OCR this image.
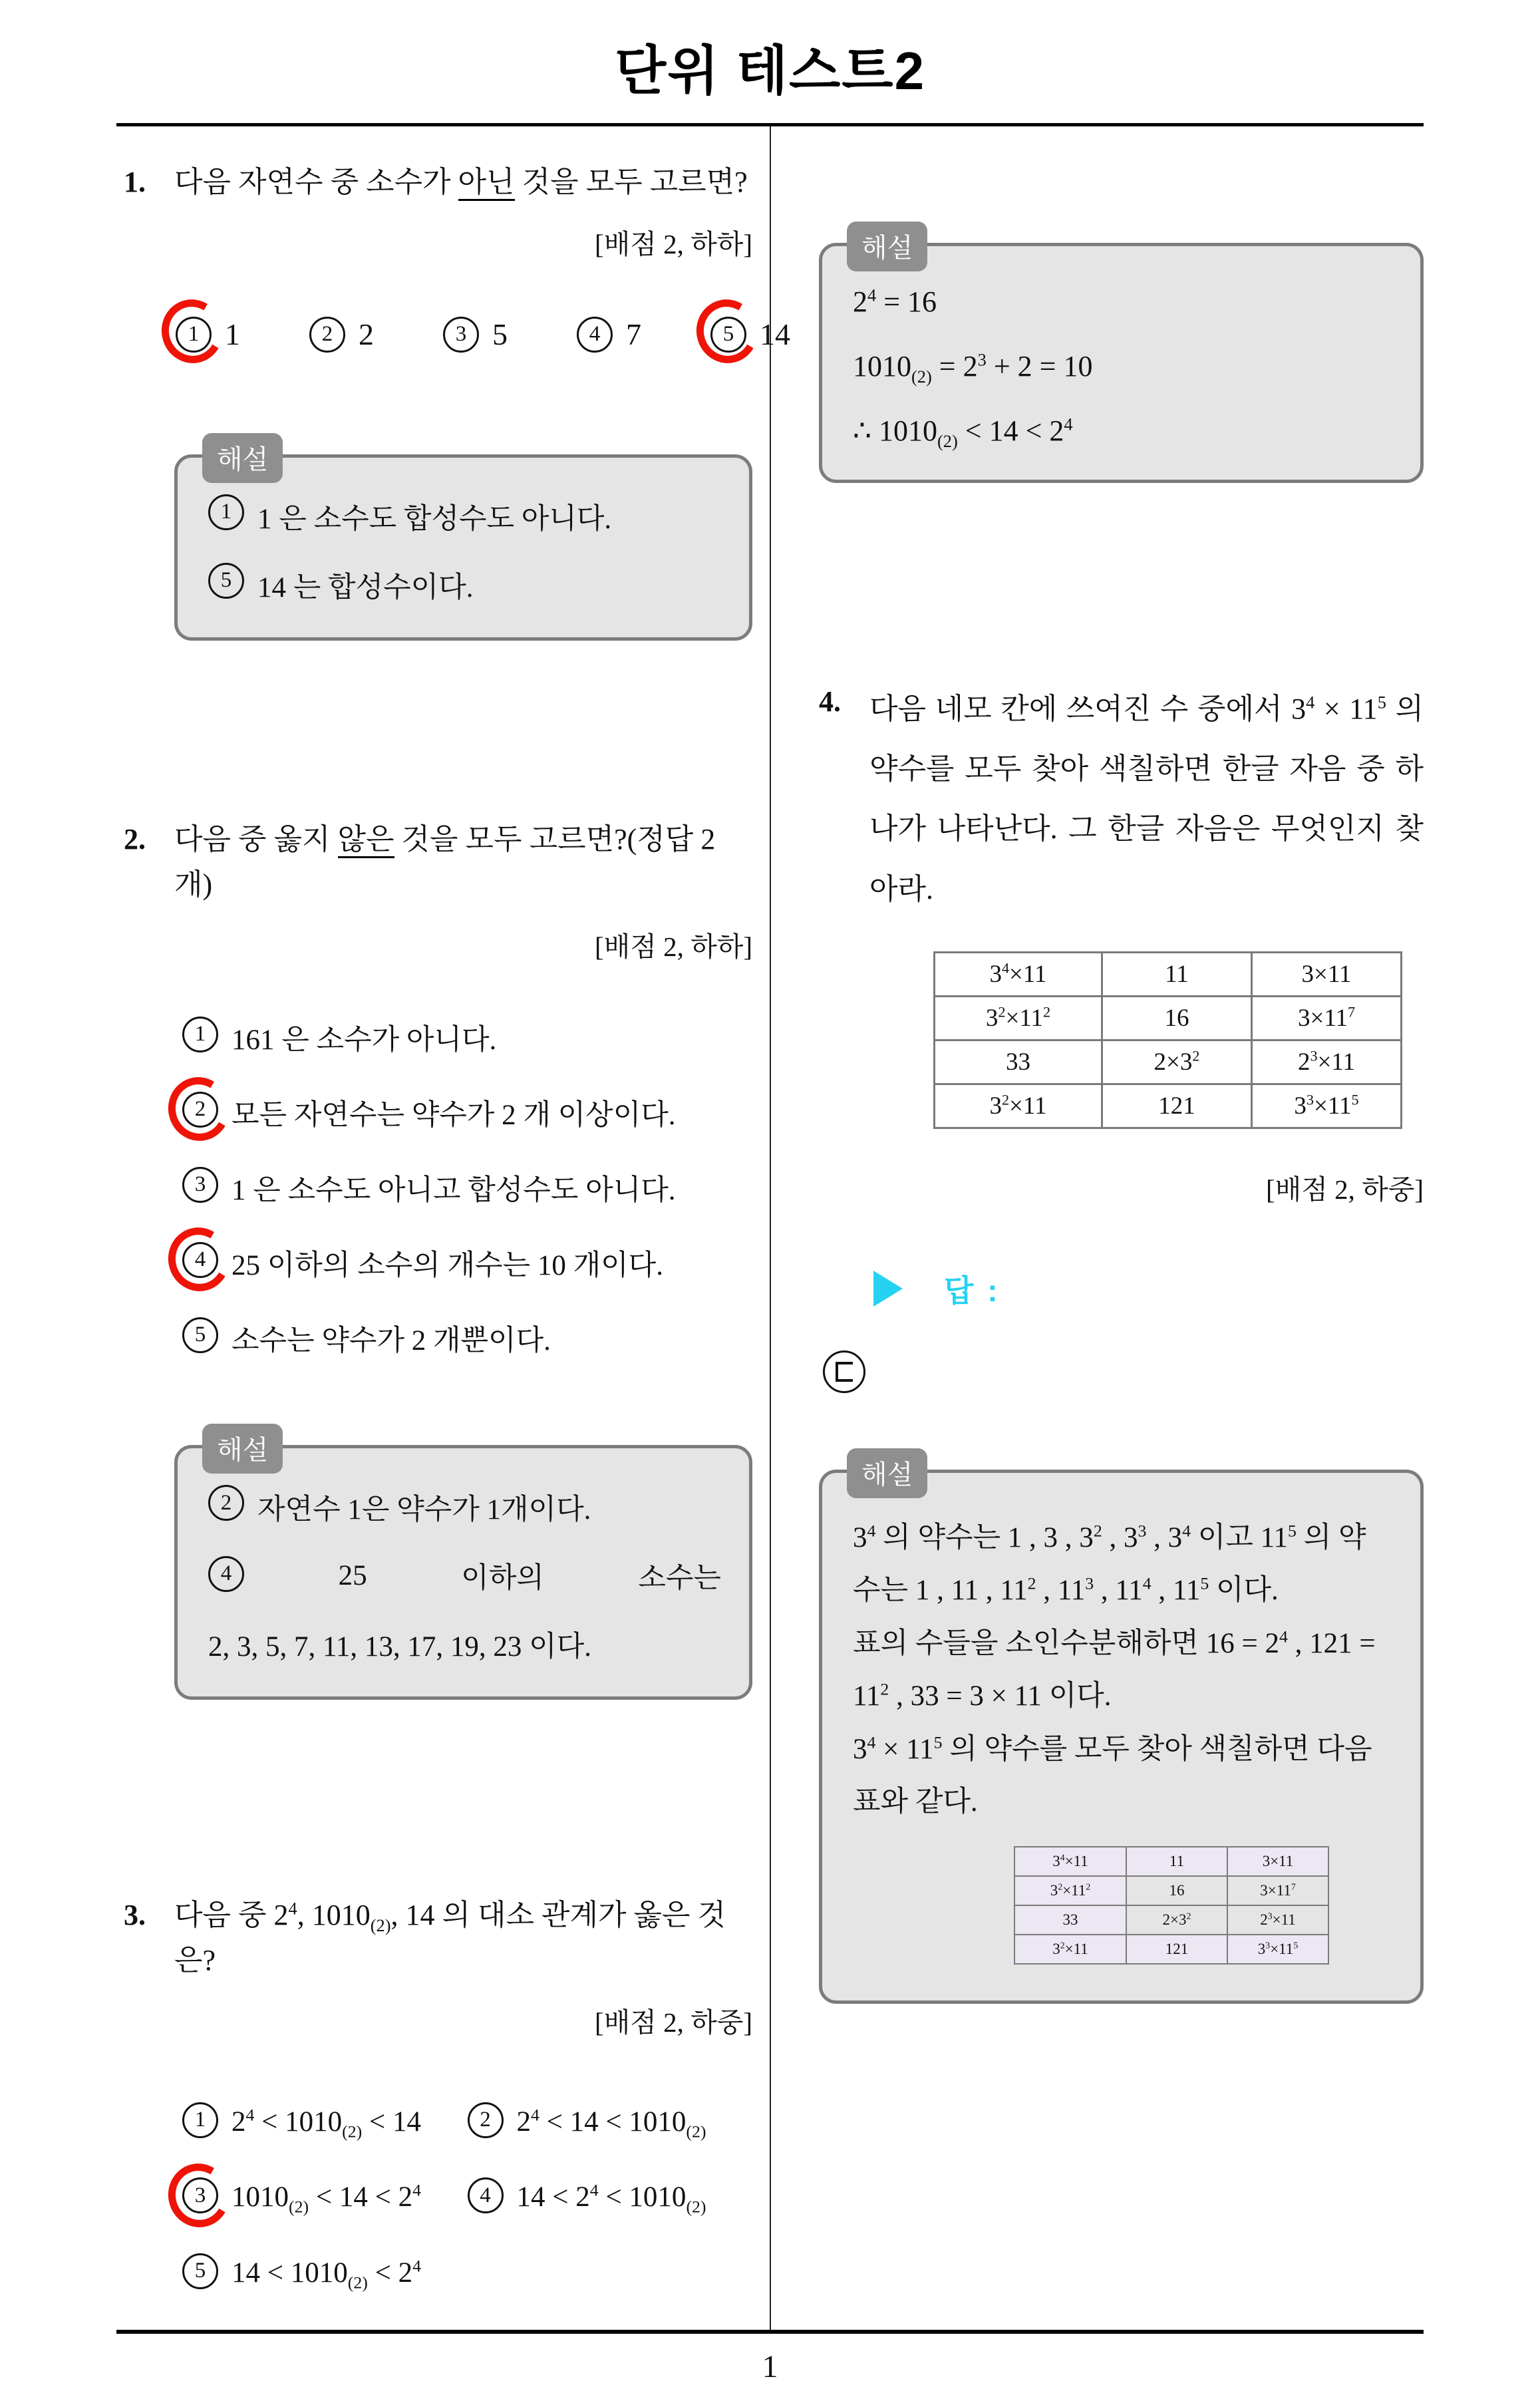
단위 테스트2
1. 다음 자연수 중 소수가 아닌 것을 모두 고르면?
[배점 2, 하하]
1 1	2 2	3 5	4 7	5 14
해설
1 1 은 소수도 합성수도 아니다.
5 14 는 합성수이다.
2. 다음 중 옳지 않은 것을 모두 고르면?(정답 2개)
[배점 2, 하하]
1 161 은 소수가 아니다.
2 모든 자연수는 약수가 2 개 이상이다.
3 1 은 소수도 아니고 합성수도 아니다.
4 25 이하의 소수의 개수는 10 개이다.
5 소수는 약수가 2 개뿐이다.
해설
2 자연수 1은 약수가 1개이다.
4	25	이하의	소수는
2, 3, 5, 7, 11, 13, 17, 19, 23 이다.
3. 다음 중 $2^4$, $1010_{(2)}$, 14 의 대소 관계가 옳은 것은?
[배점 2, 하중]
1 $2^4 < 1010_{(2)} < 14$	2 $2^4 < 14 < 1010_{(2)}$
3 $1010_{(2)} < 14 < 2^4$	4 $14 < 2^4 < 1010_{(2)}$
5 $14 < 1010_{(2)} < 2^4$
해설
$2^4 = 16$
$1010_{(2)} = 2^3 + 2 = 10$
∴ $1010_{(2)} < 14 < 2^4$
4. 다음 네모 칸에 쓰여진 수 중에서 $3^4 \times 11^5$ 의 약수를 모두 찾아 색칠하면 한글 자음 중 하나가 나타난다. 그 한글 자음은 무엇인지 찾아라.
$3^4\times 11$	11	3×11
$3^2\times 11^2$	16	$3\times 11^7$
33	$2\times 3^2$	$2^3\times 11$
$3^2\times 11$	121	$3^3\times 11^5$
[배점 2, 하중]
답 :
해설
$3^4$ 의 약수는 1 , 3 , $3^2$ , $3^3$ , $3^4$ 이고 $11^5$ 의 약수는 1 , 11 , $11^2$ , $11^3$ , $11^4$ , $11^5$ 이다.
표의 수들을 소인수분해하면 $16 = 2^4$ , $121 = 11^2$ , 33 = 3 × 11 이다.
$3^4 \times 11^5$ 의 약수를 모두 찾아 색칠하면 다음 표와 같다.
$3^4\times 11$	11	3×11
$3^2\times 11^2$	16	$3\times 11^7$
33	$2\times 3^2$	$2^3\times 11$
$3^2\times 11$	121	$3^3\times 11^5$
1
